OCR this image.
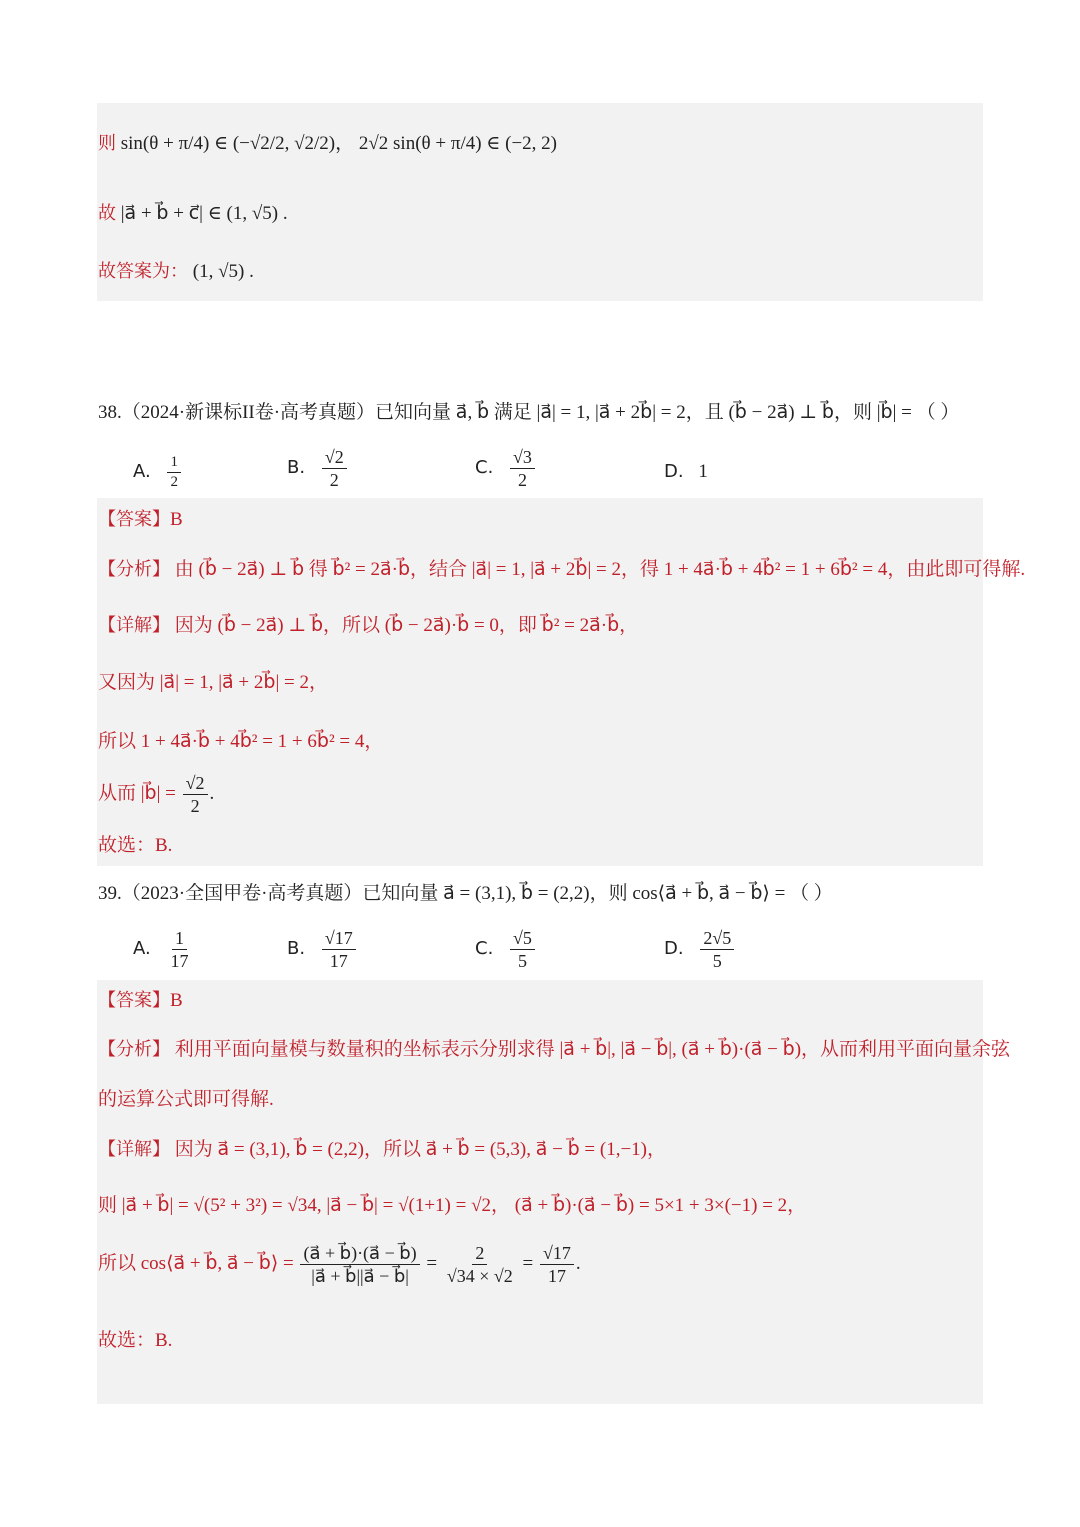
则 sin(θ + π/4) ∈ (−√2/2, √2/2)， 2√2 sin(θ + π/4) ∈ (−2, 2)
故 |a⃗ + b⃗ + c⃗| ∈ (1, √5) .
故答案为： (1, √5) .
38.（2024·新课标II卷·高考真题）已知向量 a⃗, b⃗ 满足 |a⃗| = 1, |a⃗ + 2b⃗| = 2，且 (b⃗ − 2a⃗) ⊥ b⃗，则 |b⃗| = （ ）
A. $\frac{1}{2}$	B. $\frac{√2}{2}$	C. $\frac{√3}{2}$	D. 1
【答案】B
【分析】 由 (b⃗ − 2a⃗) ⊥ b⃗ 得 b⃗² = 2a⃗·b⃗，结合 |a⃗| = 1, |a⃗ + 2b⃗| = 2，得 1 + 4a⃗·b⃗ + 4b⃗² = 1 + 6b⃗² = 4，由此即可得解.
【详解】 因为 (b⃗ − 2a⃗) ⊥ b⃗，所以 (b⃗ − 2a⃗)·b⃗ = 0，即 b⃗² = 2a⃗·b⃗，
又因为 |a⃗| = 1, |a⃗ + 2b⃗| = 2，
所以 1 + 4a⃗·b⃗ + 4b⃗² = 1 + 6b⃗² = 4，
从而 |b⃗| = $\frac{√2}{2}$ .
故选：B.
39.（2023·全国甲卷·高考真题）已知向量 a⃗ = (3,1), b⃗ = (2,2)，则 cos⟨a⃗ + b⃗, a⃗ − b⃗⟩ = （ ）
A. $\frac{1}{17}$	B. $\frac{√17}{17}$	C. $\frac{√5}{5}$	D. $\frac{2√5}{5}$
【答案】B
【分析】 利用平面向量模与数量积的坐标表示分别求得 |a⃗ + b⃗|, |a⃗ − b⃗|, (a⃗ + b⃗)·(a⃗ − b⃗)，从而利用平面向量余弦
的运算公式即可得解.
【详解】 因为 a⃗ = (3,1), b⃗ = (2,2)，所以 a⃗ + b⃗ = (5,3), a⃗ − b⃗ = (1,−1)，
则 |a⃗ + b⃗| = √(5² + 3²) = √34, |a⃗ − b⃗| = √(1+1) = √2， (a⃗ + b⃗)·(a⃗ − b⃗) = 5×1 + 3×(−1) = 2，
所以 cos⟨a⃗ + b⃗, a⃗ − b⃗⟩ = $\frac{(a⃗ + b⃗)\cdot(a⃗ - b⃗)}{|a⃗ + b⃗||a⃗ - b⃗|} = \frac{2}{√34 \times √2} = \frac{√17}{17}$ .
故选：B.
